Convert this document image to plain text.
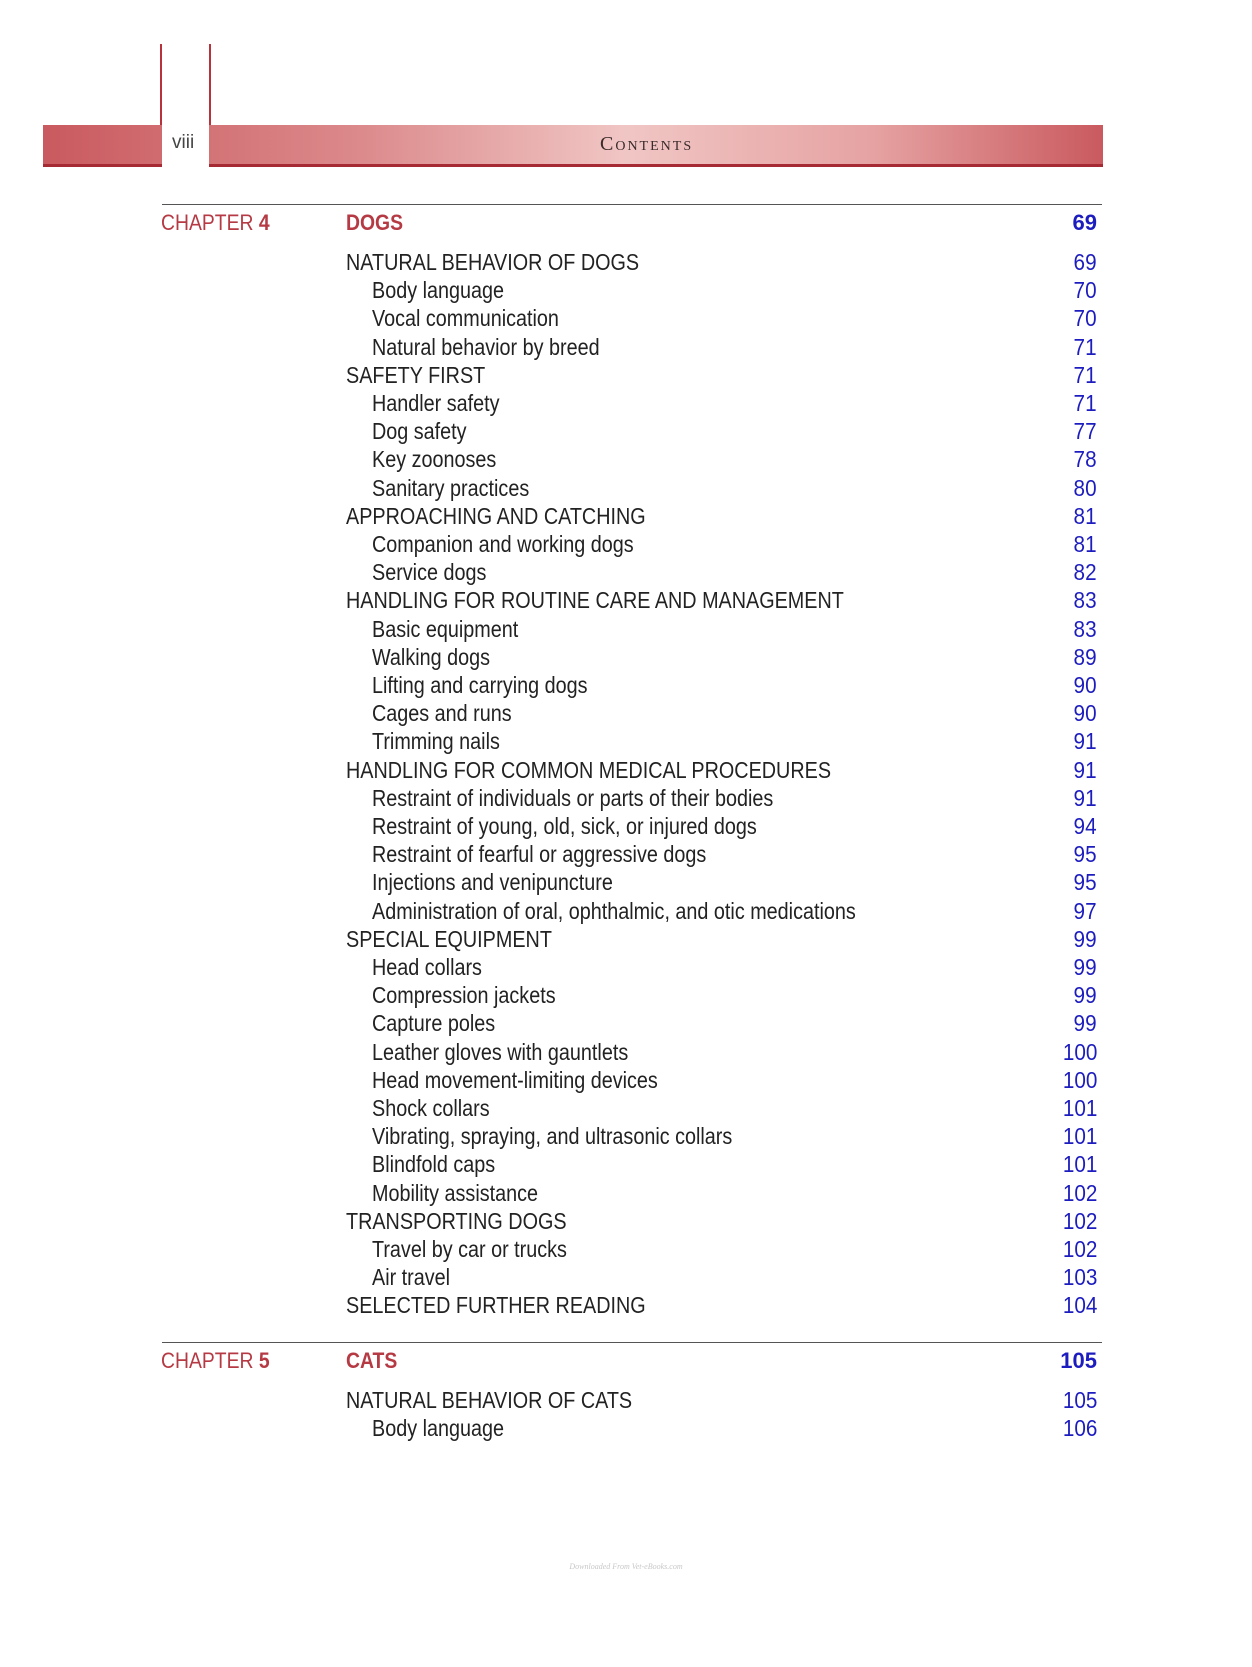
viii	Contents
CHAPTER 4	DOGS	69
NATURAL BEHAVIOR OF DOGS	69
Body language	70
Vocal communication	70
Natural behavior by breed	71
SAFETY FIRST	71
Handler safety	71
Dog safety	77
Key zoonoses	78
Sanitary practices	80
APPROACHING AND CATCHING	81
Companion and working dogs	81
Service dogs	82
HANDLING FOR ROUTINE CARE AND MANAGEMENT	83
Basic equipment	83
Walking dogs	89
Lifting and carrying dogs	90
Cages and runs	90
Trimming nails	91
HANDLING FOR COMMON MEDICAL PROCEDURES	91
Restraint of individuals or parts of their bodies	91
Restraint of young, old, sick, or injured dogs	94
Restraint of fearful or aggressive dogs	95
Injections and venipuncture	95
Administration of oral, ophthalmic, and otic medications	97
SPECIAL EQUIPMENT	99
Head collars	99
Compression jackets	99
Capture poles	99
Leather gloves with gauntlets	100
Head movement-limiting devices	100
Shock collars	101
Vibrating, spraying, and ultrasonic collars	101
Blindfold caps	101
Mobility assistance	102
TRANSPORTING DOGS	102
Travel by car or trucks	102
Air travel	103
SELECTED FURTHER READING	104
CHAPTER 5	CATS	105
NATURAL BEHAVIOR OF CATS	105
Body language	106
Downloaded From Vet-eBooks.com
